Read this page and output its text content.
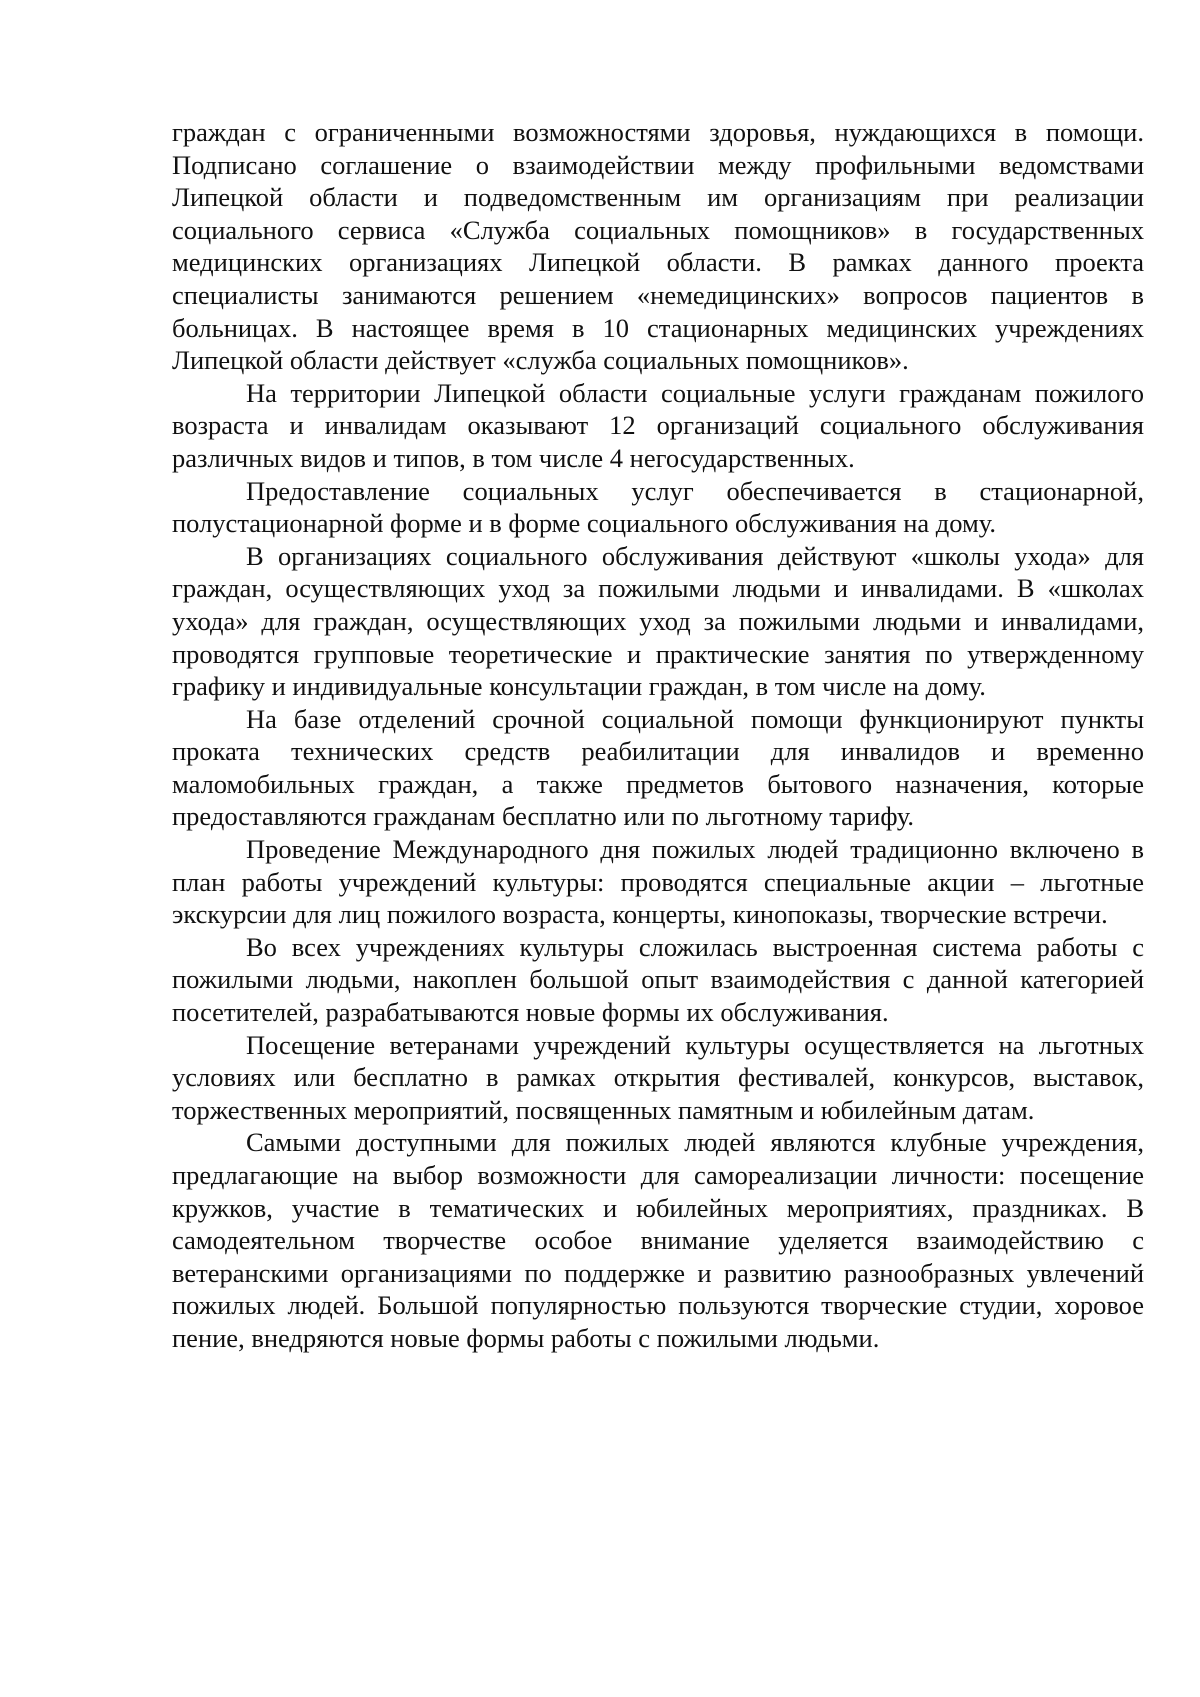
граждан с ограниченными возможностями здоровья, нуждающихся в помощи. Подписано соглашение о взаимодействии между профильными ведомствами Липецкой области и подведомственным им организациям при реализации социального сервиса «Служба социальных помощников» в государственных медицинских организациях Липецкой области. В рамках данного проекта специалисты занимаются решением «немедицинских» вопросов пациентов в больницах. В настоящее время в 10 стационарных медицинских учреждениях Липецкой области действует «служба социальных помощников».

На территории Липецкой области социальные услуги гражданам пожилого возраста и инвалидам оказывают 12 организаций социального обслуживания различных видов и типов, в том числе 4 негосударственных.

Предоставление социальных услуг обеспечивается в стационарной, полустационарной форме и в форме социального обслуживания на дому.

В организациях социального обслуживания действуют «школы ухода» для граждан, осуществляющих уход за пожилыми людьми и инвалидами. В «школах ухода» для граждан, осуществляющих уход за пожилыми людьми и инвалидами, проводятся групповые теоретические и практические занятия по утвержденному графику и индивидуальные консультации граждан, в том числе на дому.

На базе отделений срочной социальной помощи функционируют пункты проката технических средств реабилитации для инвалидов и временно маломобильных граждан, а также предметов бытового назначения, которые предоставляются гражданам бесплатно или по льготному тарифу.

Проведение Международного дня пожилых людей традиционно включено в план работы учреждений культуры: проводятся специальные акции – льготные экскурсии для лиц пожилого возраста, концерты, кинопоказы, творческие встречи.

Во всех учреждениях культуры сложилась выстроенная система работы с пожилыми людьми, накоплен большой опыт взаимодействия с данной категорией посетителей, разрабатываются новые формы их обслуживания.

Посещение ветеранами учреждений культуры осуществляется на льготных условиях или бесплатно в рамках открытия фестивалей, конкурсов, выставок, торжественных мероприятий, посвященных памятным и юбилейным датам.

Самыми доступными для пожилых людей являются клубные учреждения, предлагающие на выбор возможности для самореализации личности: посещение кружков, участие в тематических и юбилейных мероприятиях, праздниках. В самодеятельном творчестве особое внимание уделяется взаимодействию с ветеранскими организациями по поддержке и развитию разнообразных увлечений пожилых людей. Большой популярностью пользуются творческие студии, хоровое пение, внедряются новые формы работы с пожилыми людьми.
